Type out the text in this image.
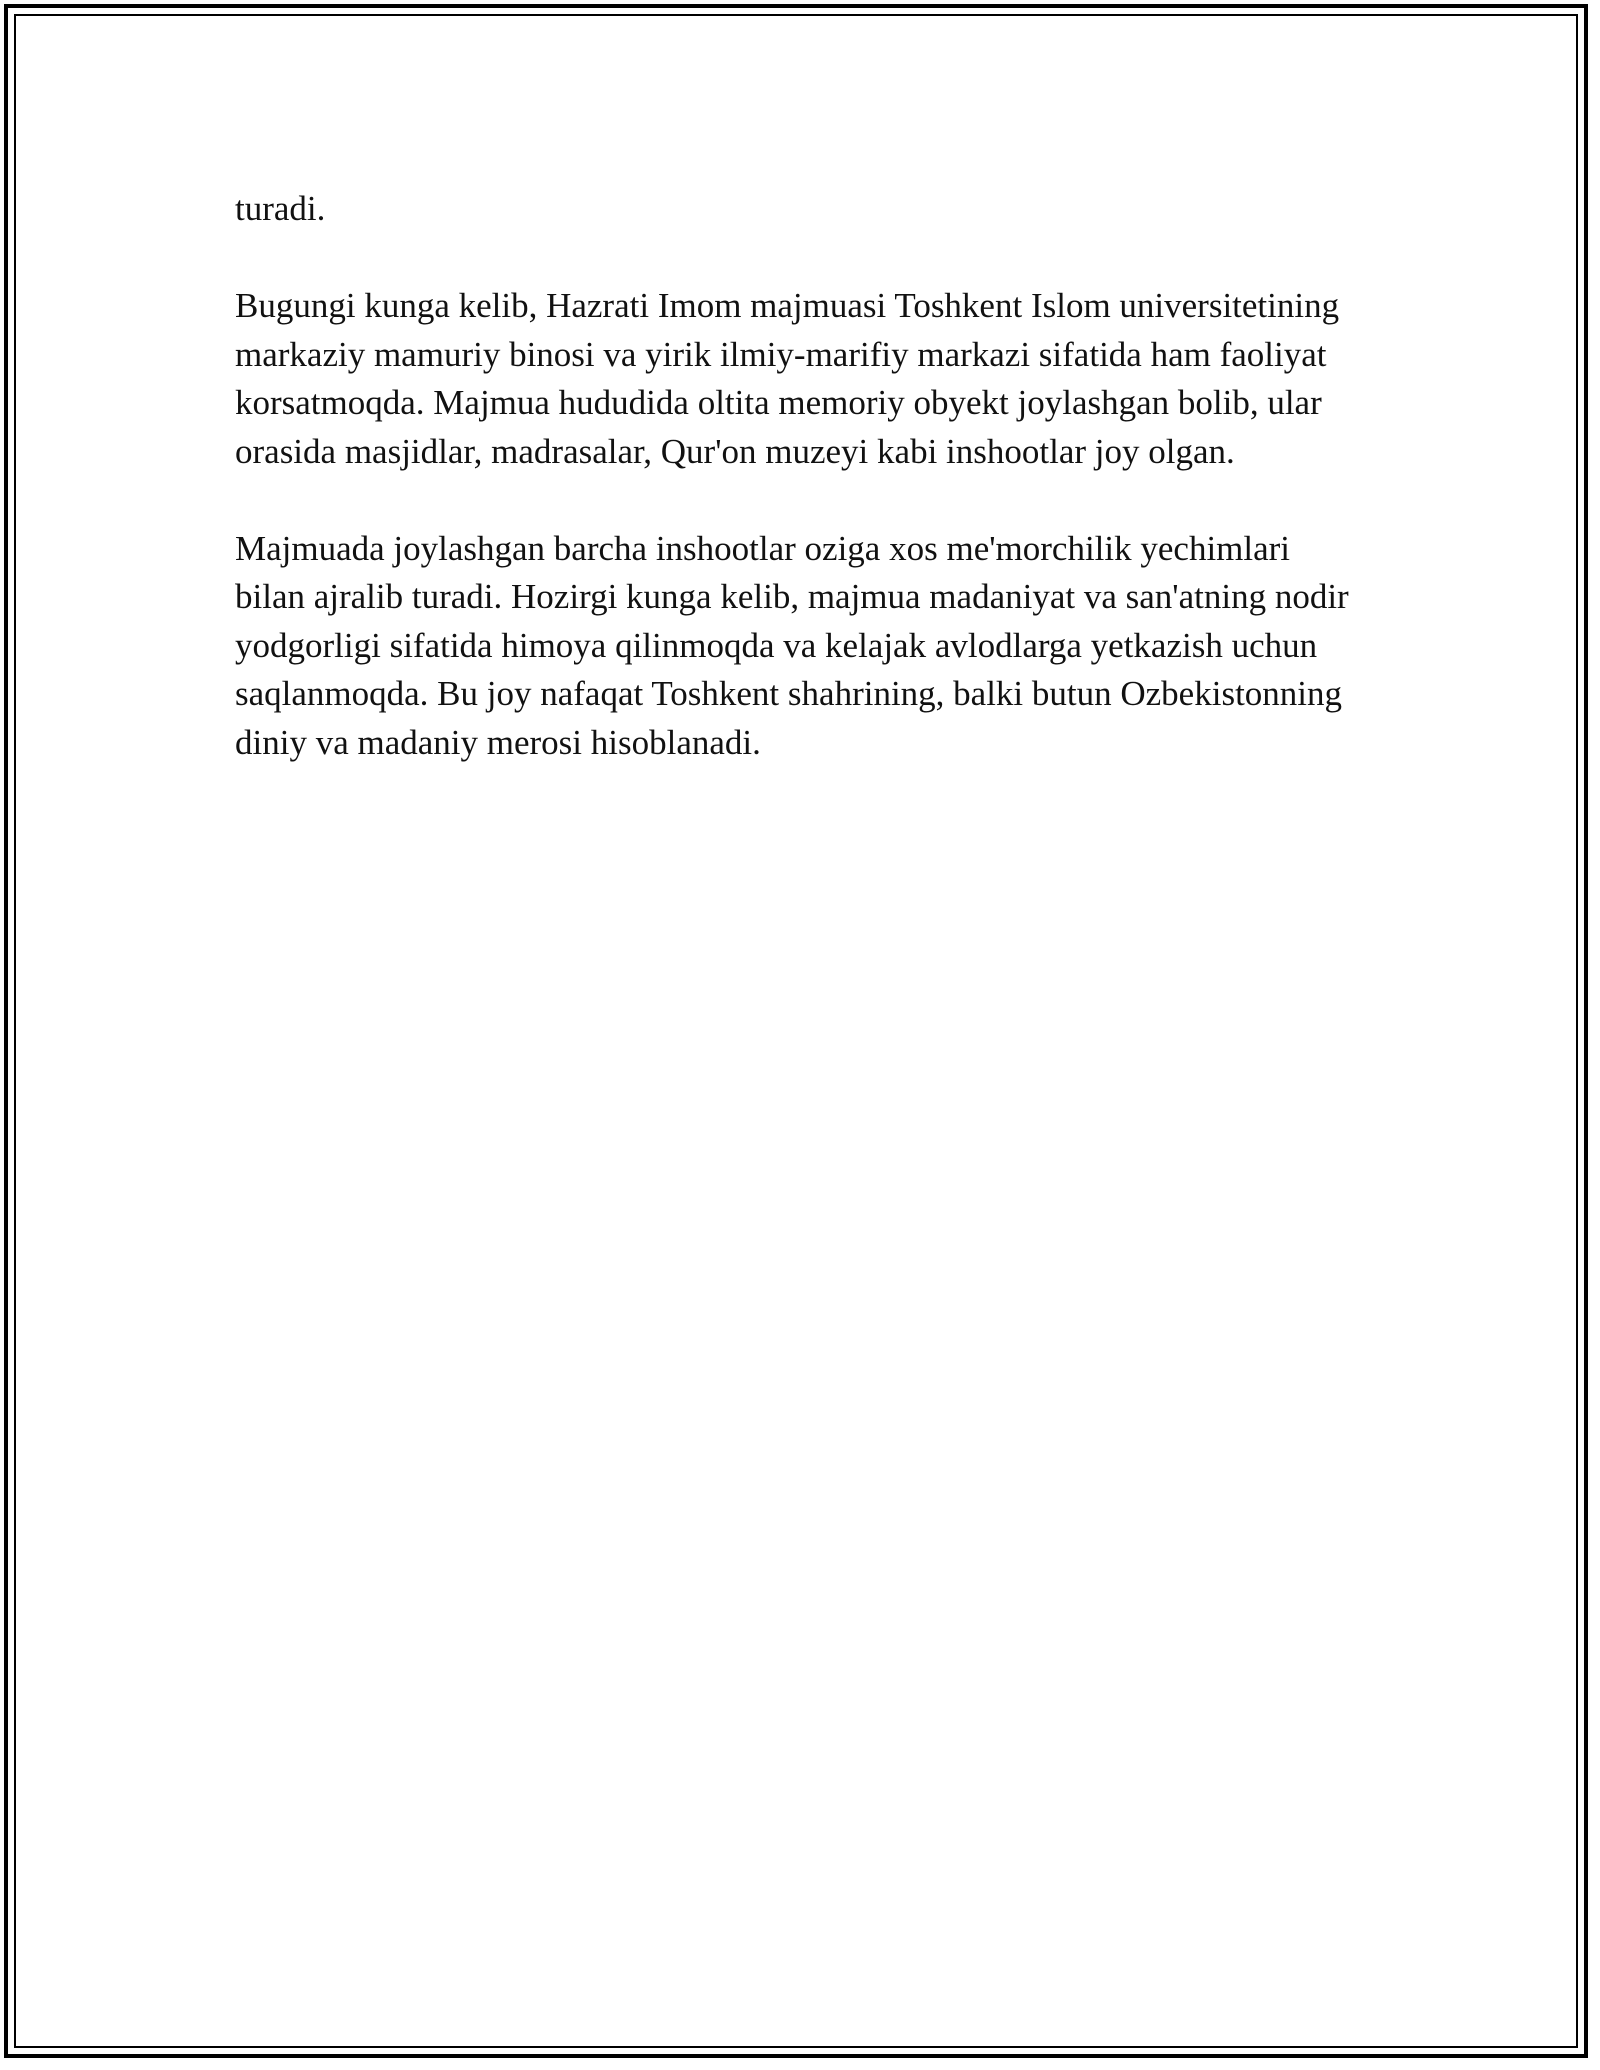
turadi.

Bugungi kunga kelib, Hazrati Imom majmuasi Toshkent Islom universitetining markaziy mamuriy binosi va yirik ilmiy-marifiy markazi sifatida ham faoliyat korsatmoqda. Majmua hududida oltita memoriy obyekt joylashgan bolib, ular orasida masjidlar, madrasalar, Qur'on muzeyi kabi inshootlar joy olgan.

Majmuada joylashgan barcha inshootlar oziga xos me'morchilik yechimlari bilan ajralib turadi. Hozirgi kunga kelib, majmua madaniyat va san'atning nodir yodgorligi sifatida himoya qilinmoqda va kelajak avlodlarga yetkazish uchun saqlanmoqda. Bu joy nafaqat Toshkent shahrining, balki butun Ozbekistonning diniy va madaniy merosi hisoblanadi.
